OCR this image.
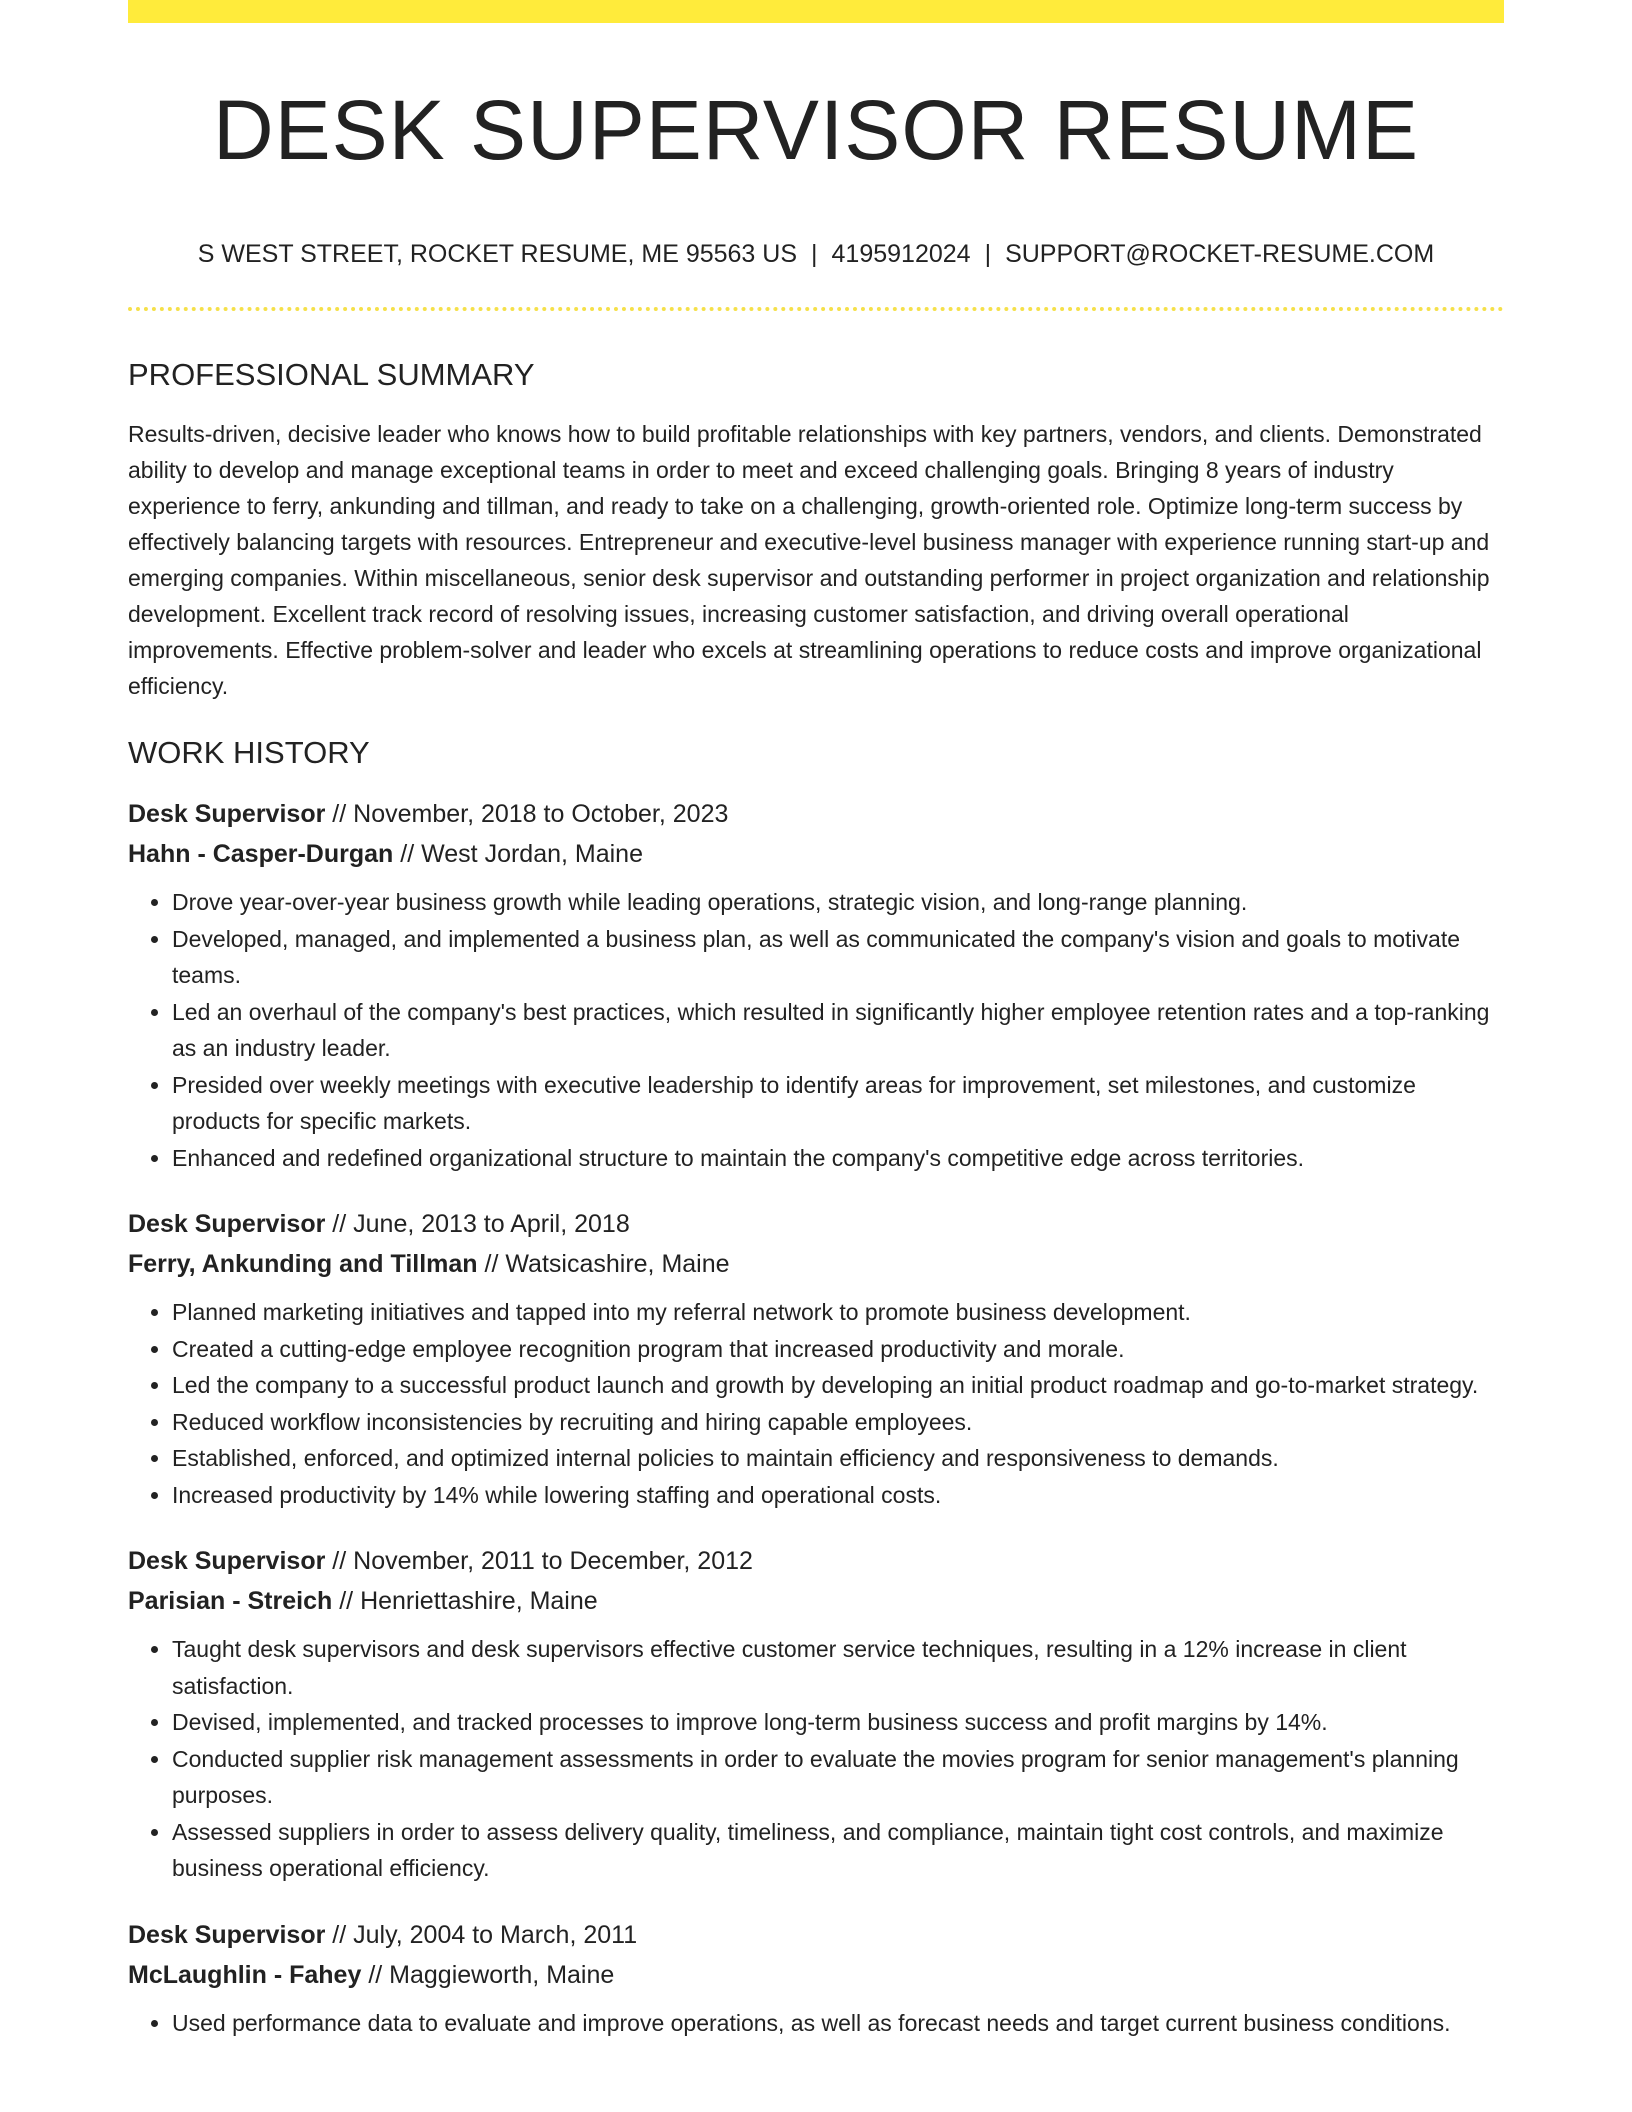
DESK SUPERVISOR RESUME
S WEST STREET, ROCKET RESUME, ME 95563 US | 4195912024 | SUPPORT@ROCKET-RESUME.COM
PROFESSIONAL SUMMARY

Results-driven, decisive leader who knows how to build profitable relationships with key partners, vendors, and clients. Demonstrated ability to develop and manage exceptional teams in order to meet and exceed challenging goals. Bringing 8 years of industry experience to ferry, ankunding and tillman, and ready to take on a challenging, growth-oriented role. Optimize long-term success by effectively balancing targets with resources. Entrepreneur and executive-level business manager with experience running start-up and emerging companies. Within miscellaneous, senior desk supervisor and outstanding performer in project organization and relationship development. Excellent track record of resolving issues, increasing customer satisfaction, and driving overall operational improvements. Effective problem-solver and leader who excels at streamlining operations to reduce costs and improve organizational efficiency.

WORK HISTORY
Desk Supervisor // November, 2018 to October, 2023
Hahn - Casper-Durgan // West Jordan, Maine
• Drove year-over-year business growth while leading operations, strategic vision, and long-range planning.
• Developed, managed, and implemented a business plan, as well as communicated the company's vision and goals to motivate teams.
• Led an overhaul of the company's best practices, which resulted in significantly higher employee retention rates and a top-ranking as an industry leader.
• Presided over weekly meetings with executive leadership to identify areas for improvement, set milestones, and customize products for specific markets.
• Enhanced and redefined organizational structure to maintain the company's competitive edge across territories.
Desk Supervisor // June, 2013 to April, 2018
Ferry, Ankunding and Tillman // Watsicashire, Maine
• Planned marketing initiatives and tapped into my referral network to promote business development.
• Created a cutting-edge employee recognition program that increased productivity and morale.
• Led the company to a successful product launch and growth by developing an initial product roadmap and go-to-market strategy.
• Reduced workflow inconsistencies by recruiting and hiring capable employees.
• Established, enforced, and optimized internal policies to maintain efficiency and responsiveness to demands.
• Increased productivity by 14% while lowering staffing and operational costs.
Desk Supervisor // November, 2011 to December, 2012
Parisian - Streich // Henriettashire, Maine
• Taught desk supervisors and desk supervisors effective customer service techniques, resulting in a 12% increase in client satisfaction.
• Devised, implemented, and tracked processes to improve long-term business success and profit margins by 14%.
• Conducted supplier risk management assessments in order to evaluate the movies program for senior management's planning purposes.
• Assessed suppliers in order to assess delivery quality, timeliness, and compliance, maintain tight cost controls, and maximize business operational efficiency.
Desk Supervisor // July, 2004 to March, 2011
McLaughlin - Fahey // Maggieworth, Maine
• Used performance data to evaluate and improve operations, as well as forecast needs and target current business conditions.
